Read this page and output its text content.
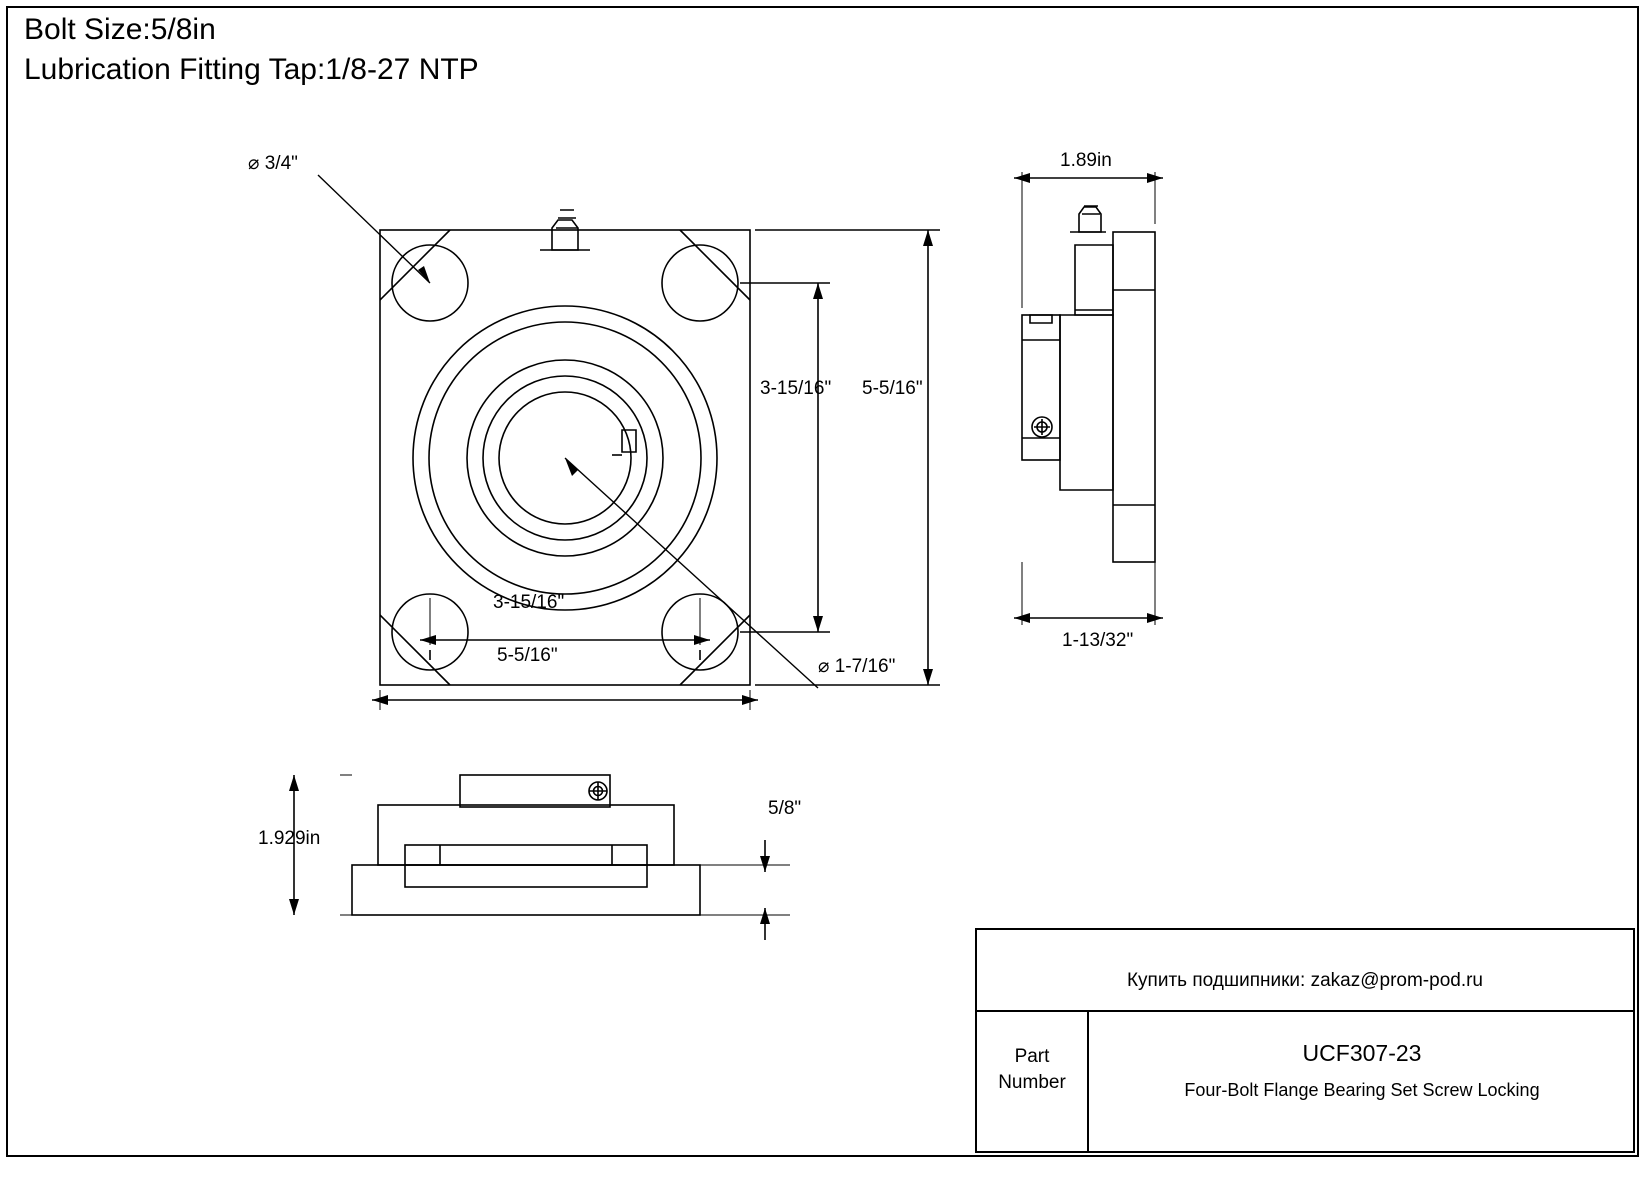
Bolt Size:5/8in
Lubrication Fitting Tap:1/8-27 NTP
⌀ 3/4"
⌀ 1-7/16"
3-15/16" 5-5/16"
3-15/16"
5-5/16"
1.89in
1-13/32"
1.929in
5/8"
Купить подшипники: zakaz@prom-pod.ru
Part
Number
UCF307-23
Four-Bolt Flange Bearing Set Screw Locking
